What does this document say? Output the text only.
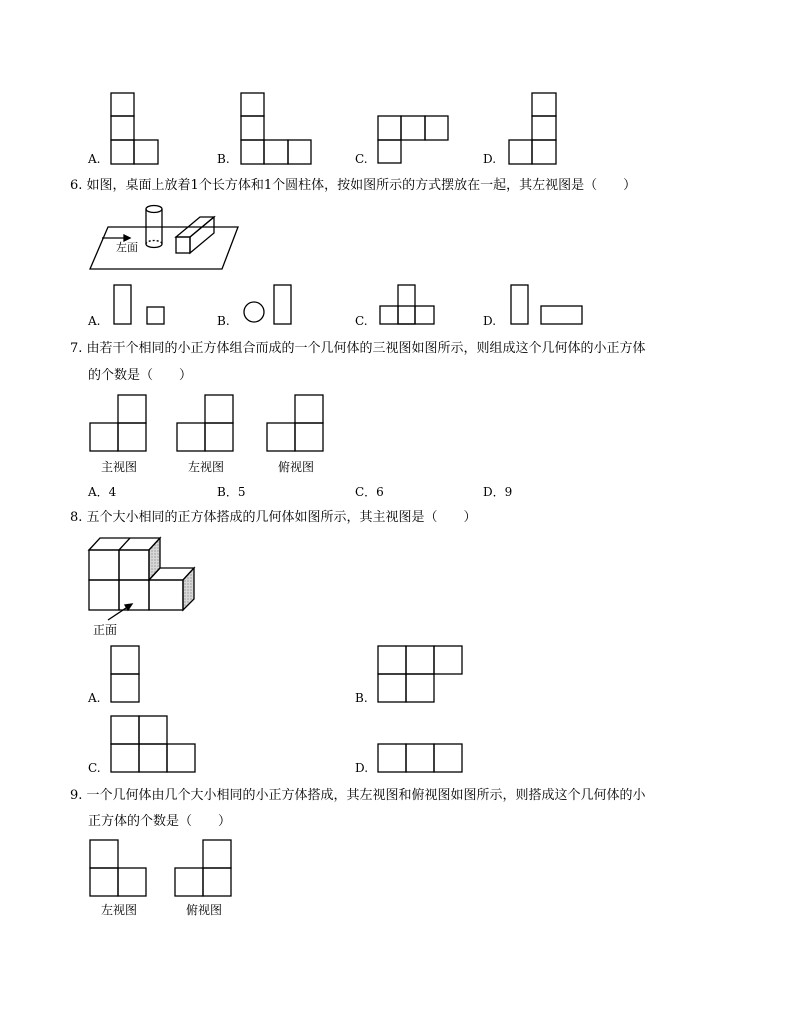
A.	B.	C.	D.
6. 如图，桌面上放着1个长方体和1个圆柱体，按如图所示的方式摆放在一起，其左视图是（　　）
左面
A.	B.	C.	D.
7. 由若干个相同的小正方体组合而成的一个几何体的三视图如图所示，则组成这个几何体的小正方体
的个数是（　　）
主视图	左视图	俯视图
A．4	B．5	C．6	D．9
8. 五个大小相同的正方体搭成的几何体如图所示，其主视图是（　　）
正面
A.	B.
C.	D.
9. 一个几何体由几个大小相同的小正方体搭成，其左视图和俯视图如图所示，则搭成这个几何体的小
正方体的个数是（　　）
左视图	俯视图
